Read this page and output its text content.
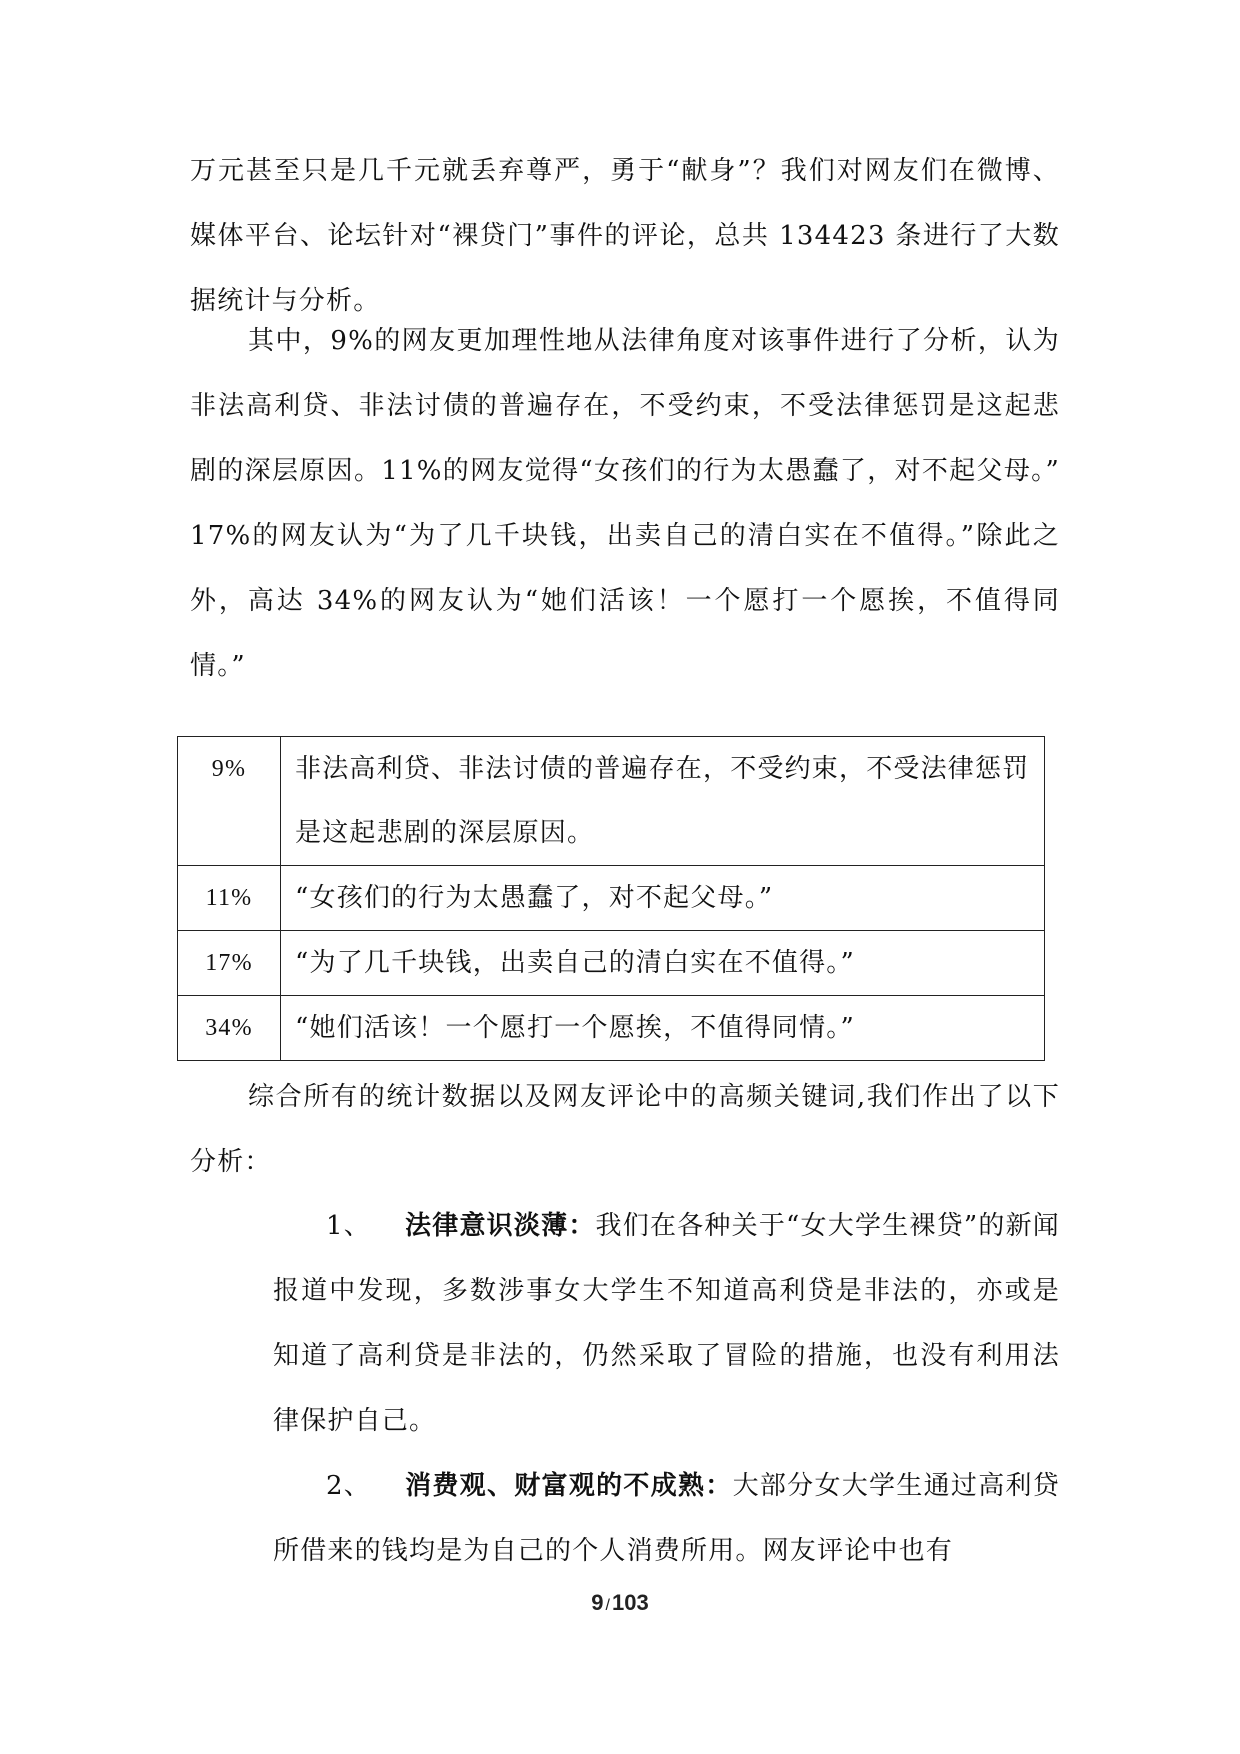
万元甚至只是几千元就丢弃尊严，勇于“献身”？我们对网友们在微博、媒体平台、论坛针对“裸贷门”事件的评论，总共 134423 条进行了大数据统计与分析。

其中，9%的网友更加理性地从法律角度对该事件进行了分析，认为非法高利贷、非法讨债的普遍存在，不受约束，不受法律惩罚是这起悲剧的深层原因。11%的网友觉得“女孩们的行为太愚蠢了，对不起父母。” 17%的网友认为“为了几千块钱，出卖自己的清白实在不值得。”除此之外，高达 34%的网友认为“她们活该！一个愿打一个愿挨，不值得同情。”

9%	非法高利贷、非法讨债的普遍存在，不受约束，不受法律惩罚是这起悲剧的深层原因。
11%	“女孩们的行为太愚蠢了，对不起父母。”
17%	“为了几千块钱，出卖自己的清白实在不值得。”
34%	“她们活该！一个愿打一个愿挨，不值得同情。”

综合所有的统计数据以及网友评论中的高频关键词,我们作出了以下分析：

1、 法律意识淡薄：我们在各种关于“女大学生裸贷”的新闻报道中发现，多数涉事女大学生不知道高利贷是非法的，亦或是知道了高利贷是非法的，仍然采取了冒险的措施，也没有利用法律保护自己。

2、 消费观、财富观的不成熟：大部分女大学生通过高利贷所借来的钱均是为自己的个人消费所用。网友评论中也有

9 /103
